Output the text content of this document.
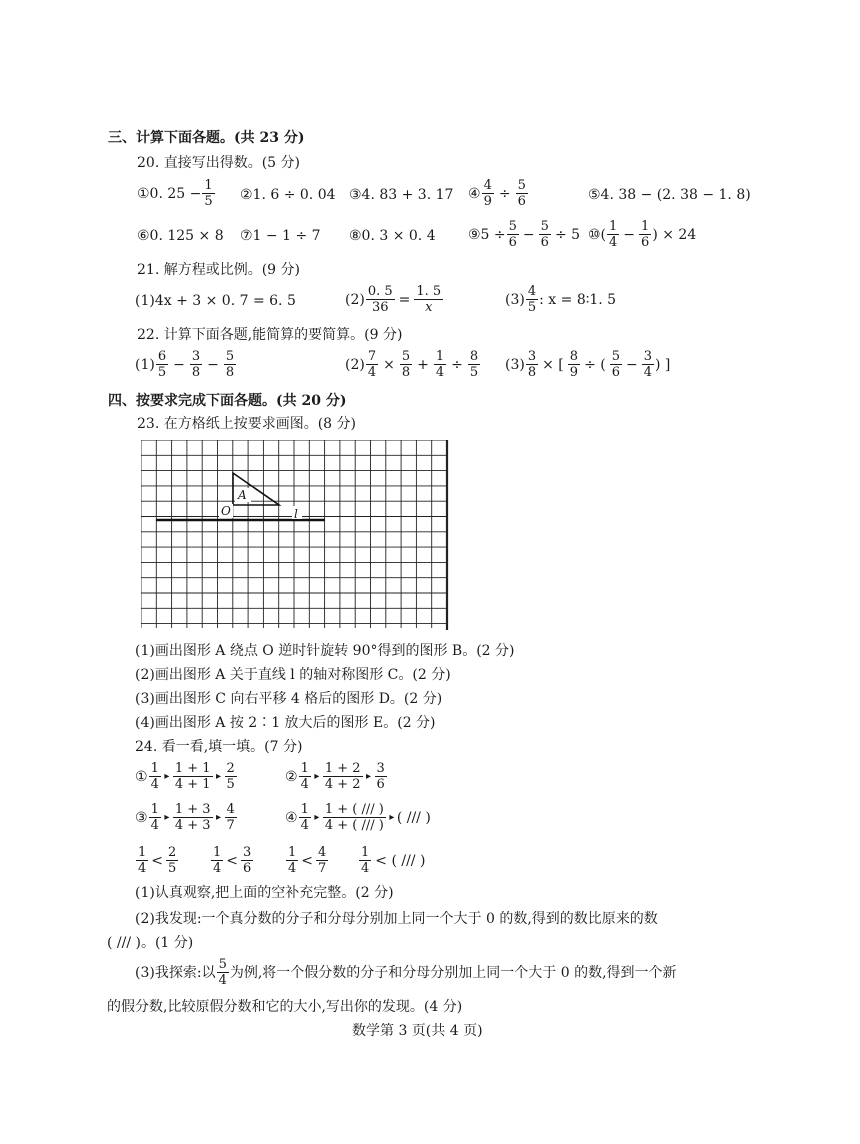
三、计算下面各题。(共 23 分)
20. 直接写出得数。(5 分)
①0. $25 - \frac{1}{5}$ ②1. 6 ÷ 0. 04 ③4. 83 + 3. 17 ④ $\frac{4}{9} \div \frac{5}{6}$	⑤4. 38 − (2. 38 − 1. 8)
⑥0. 125 × 8 ⑦1 − 1 ÷ 7 ⑧0. 3 × 0. 4 ⑨5 ÷ $\frac{5}{6} - \frac{5}{6} \div 5$ ⑩( $\frac{1}{4} - \frac{1}{6}$ ) × 24
21. 解方程或比例。(9 分)
(1)4x + 3 × 0. 7 = 6. 5	$(2) \frac{0. 5}{36} = \frac{1. 5}{x}$	$(3) \frac{4}{5}$ : x = 8∶1. 5
22. 计算下面各题,能简算的要简算。(9 分)
$(1) \frac{6}{5} - \frac{3}{8} - \frac{5}{8}$	$(2) \frac{7}{4} \times \frac{5}{8} + \frac{1}{4} \div \frac{8}{5} (3) \frac{3}{8}$ × [ $\frac{8}{9}$ ÷ ( $\frac{5}{6} - \frac{3}{4}$ ) ]
四、按要求完成下面各题。(共 20 分)
23. 在方格纸上按要求画图。(8 分)
A
O	l
(1)画出图形 A 绕点 O 逆时针旋转 90°得到的图形 B。(2 分)
(2)画出图形 A 关于直线 l 的轴对称图形 C。(2 分)
(3)画出图形 C 向右平移 4 格后的图形 D。(2 分)
(4)画出图形 A 按 2∶1 放大后的图形 E。(2 分)
24. 看一看,填一填。(7 分)
① $\frac{1}{4}$ ▸ $\frac{1 + 1}{4 + 1}$ ▸ $\frac{2}{5}$	② $\frac{1}{4}$ ▸ $\frac{1 + 2}{4 + 2}$ ▸ $\frac{3}{6}$
③ $\frac{1}{4}$ ▸ $\frac{1 + 3}{4 + 3}$ ▸ $\frac{4}{7}$	④ $\frac{1}{4}$ ▸ $\frac{1 + ( /// )}{4 + ( /// )}$ ▸ ( /// )
$\frac{1}{4} < \frac{2}{5}$	$\frac{1}{4} < \frac{3}{6}$	$\frac{1}{4} < \frac{4}{7} \frac{1}{4}$ < ( /// )
(1)认真观察,把上面的空补充完整。(2 分)
(2)我发现:一个真分数的分子和分母分别加上同一个大于 0 的数,得到的数比原来的数
( /// )。(1 分)
(3)我探索:以 $\frac{5}{4}$ 为例,将一个假分数的分子和分母分别加上同一个大于 0 的数,得到一个新
的假分数,比较原假分数和它的大小,写出你的发现。(4 分)
数学第 3 页(共 4 页)
